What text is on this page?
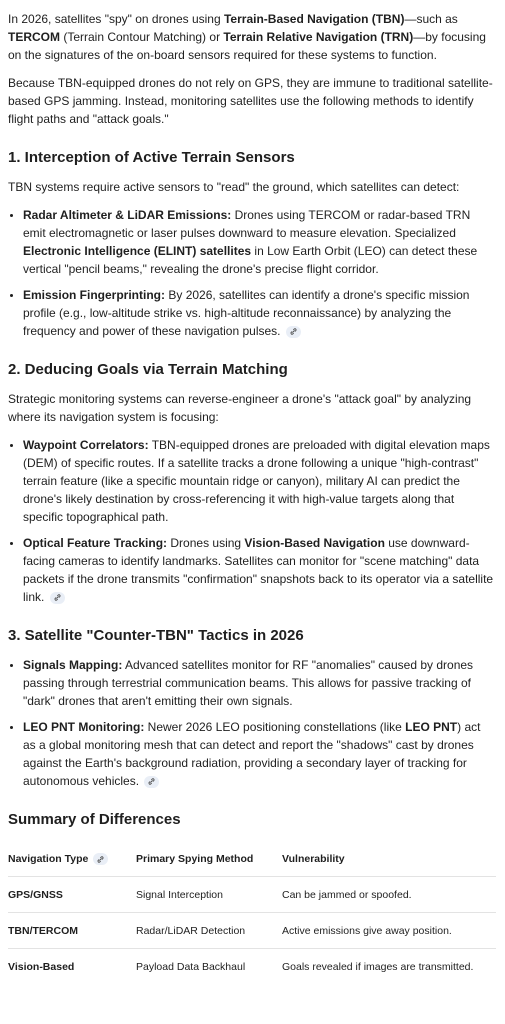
In 2026, satellites "spy" on drones using Terrain-Based Navigation (TBN)—such as TERCOM (Terrain Contour Matching) or Terrain Relative Navigation (TRN)—by focusing on the signatures of the on-board sensors required for these systems to function.

Because TBN-equipped drones do not rely on GPS, they are immune to traditional satellite-based GPS jamming. Instead, monitoring satellites use the following methods to identify flight paths and "attack goals."

1. Interception of Active Terrain Sensors

TBN systems require active sensors to "read" the ground, which satellites can detect:

• Radar Altimeter & LiDAR Emissions: Drones using TERCOM or radar-based TRN emit electromagnetic or laser pulses downward to measure elevation. Specialized Electronic Intelligence (ELINT) satellites in Low Earth Orbit (LEO) can detect these vertical "pencil beams," revealing the drone's precise flight corridor.
• Emission Fingerprinting: By 2026, satellites can identify a drone's specific mission profile (e.g., low-altitude strike vs. high-altitude reconnaissance) by analyzing the frequency and power of these navigation pulses.
2. Deducing Goals via Terrain Matching

Strategic monitoring systems can reverse-engineer a drone's "attack goal" by analyzing where its navigation system is focusing:

• Waypoint Correlators: TBN-equipped drones are preloaded with digital elevation maps (DEM) of specific routes. If a satellite tracks a drone following a unique "high-contrast" terrain feature (like a specific mountain ridge or canyon), military AI can predict the drone's likely destination by cross-referencing it with high-value targets along that specific topographical path.
• Optical Feature Tracking: Drones using Vision-Based Navigation use downward-facing cameras to identify landmarks. Satellites can monitor for "scene matching" data packets if the drone transmits "confirmation" snapshots back to its operator via a satellite link.
3. Satellite "Counter-TBN" Tactics in 2026
• Signals Mapping: Advanced satellites monitor for RF "anomalies" caused by drones passing through terrestrial communication beams. This allows for passive tracking of "dark" drones that aren't emitting their own signals.
• LEO PNT Monitoring: Newer 2026 LEO positioning constellations (like LEO PNT) act as a global monitoring mesh that can detect and report the "shadows" cast by drones against the Earth's background radiation, providing a secondary layer of tracking for autonomous vehicles.
Summary of Differences
Navigation Type	Primary Spying Method	Vulnerability
GPS/GNSS	Signal Interception	Can be jammed or spoofed.
TBN/TERCOM	Radar/LiDAR Detection	Active emissions give away position.
Vision-Based	Payload Data Backhaul	Goals revealed if images are transmitted.
